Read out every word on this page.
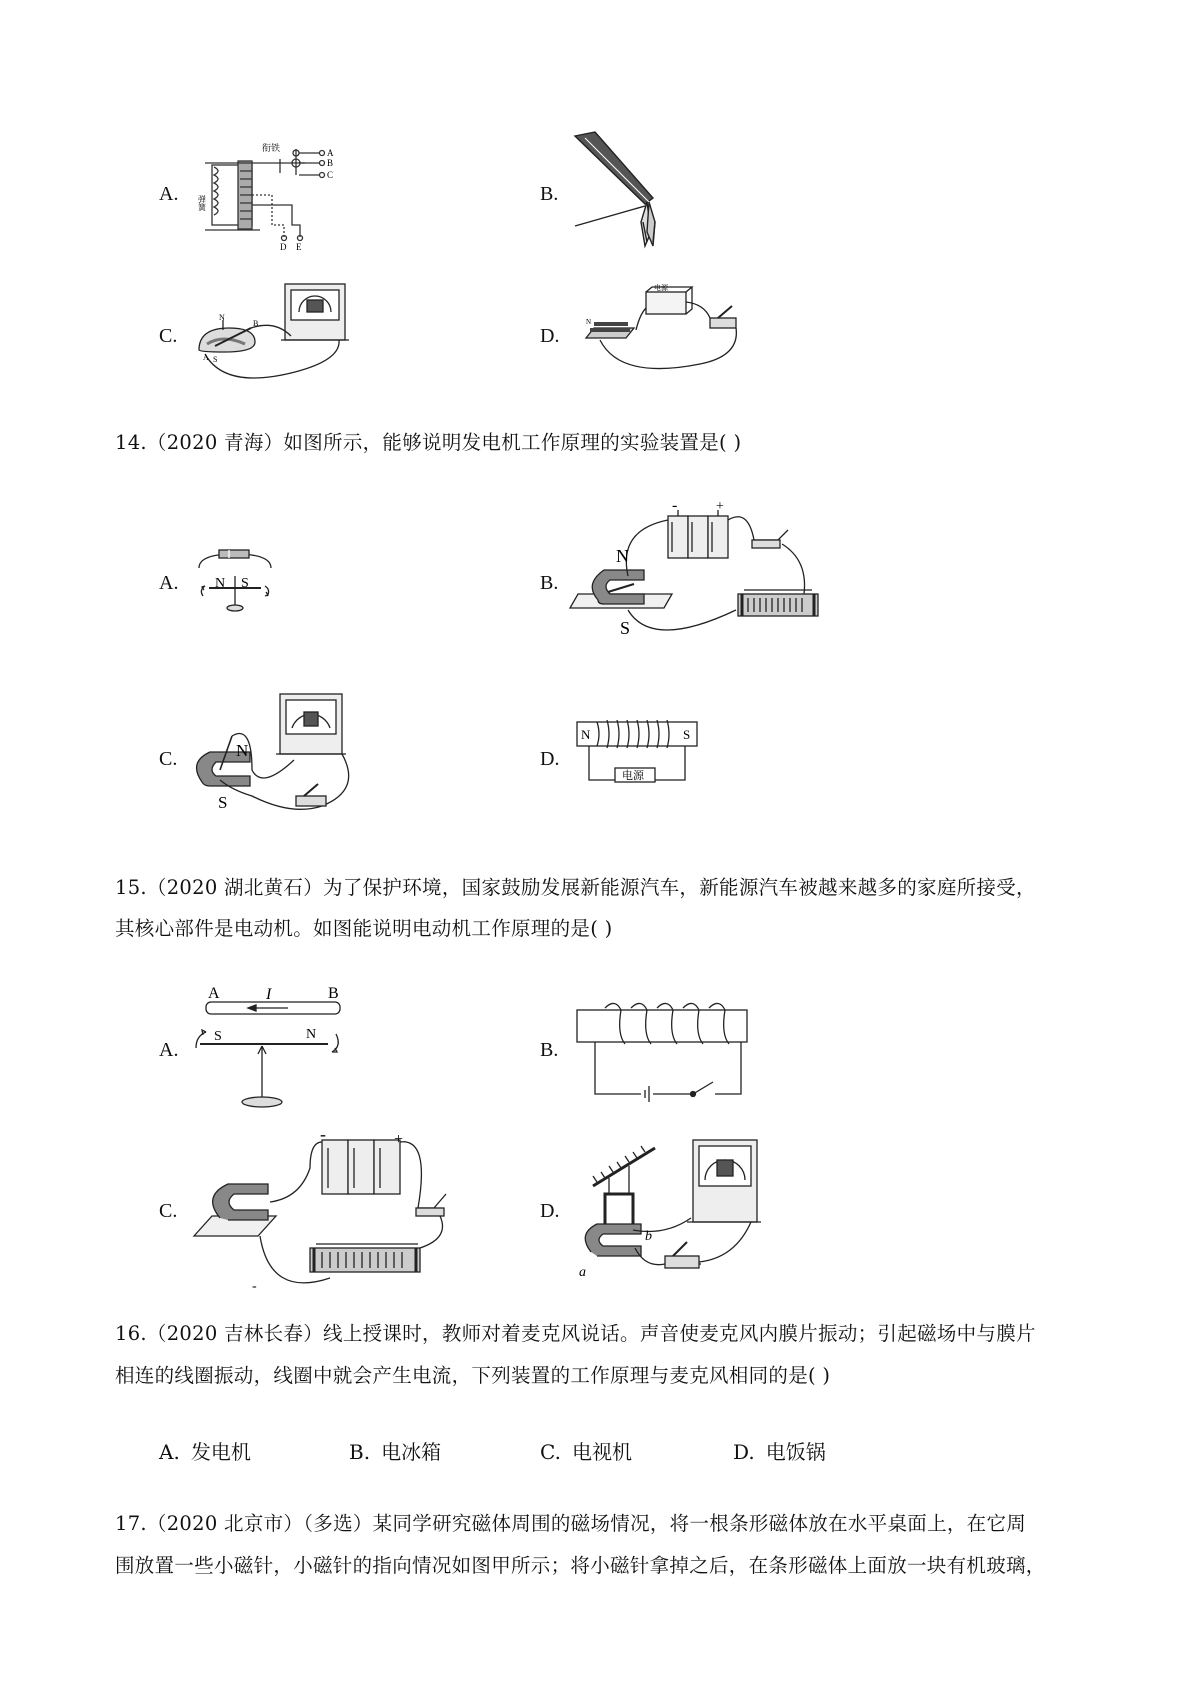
A.
衔铁
弹簧
A
B
C
D E
B.
C.
N
S
A
B
D.
电源
N
14.（2020 青海）如图所示，能够说明发电机工作原理的实验装置是( )
A.	N S	B.
N
S
-	+
C.	N
S
D.
N	S
电源
15.（2020 湖北黄石）为了保护环境，国家鼓励发展新能源汽车，新能源汽车被越来越多的家庭所接受，
其核心部件是电动机。如图能说明电动机工作原理的是( )
A.
A	I	B
S	N
B.
C.
-	+
-
D.
a
b
16.（2020 吉林长春）线上授课时，教师对着麦克风说话。声音使麦克风内膜片振动；引起磁场中与膜片
相连的线圈振动，线圈中就会产生电流，下列装置的工作原理与麦克风相同的是( )
A. 发电机	B. 电冰箱	C. 电视机	D. 电饭锅
17.（2020 北京市）（多选）某同学研究磁体周围的磁场情况，将一根条形磁体放在水平桌面上，在它周
围放置一些小磁针，小磁针的指向情况如图甲所示；将小磁针拿掉之后，在条形磁体上面放一块有机玻璃，
